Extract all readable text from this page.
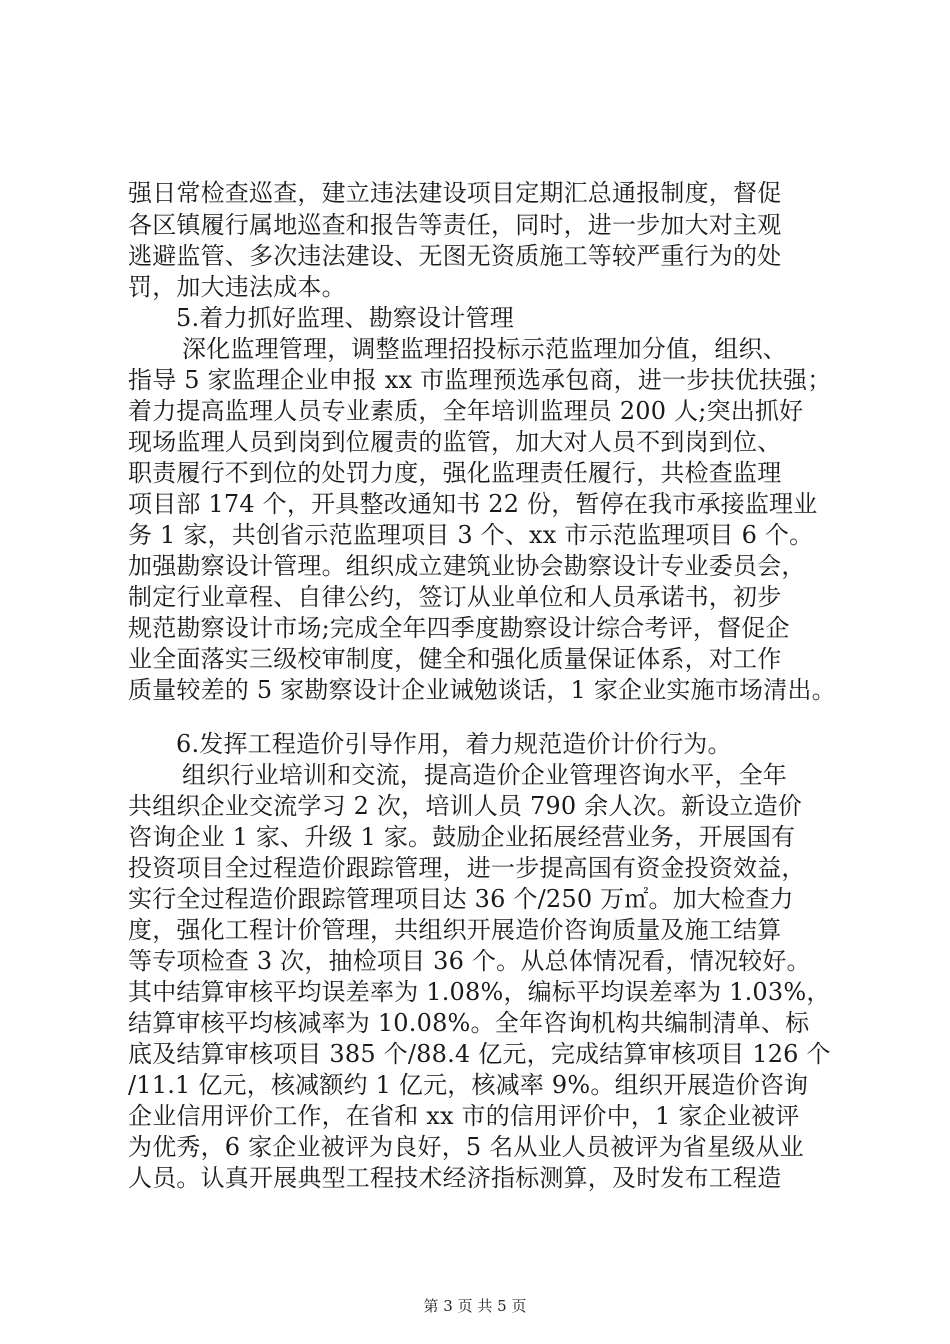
强日常检查巡查，建立违法建设项目定期汇总通报制度，督促
各区镇履行属地巡查和报告等责任，同时，进一步加大对主观
逃避监管、多次违法建设、无图无资质施工等较严重行为的处
罚，加大违法成本。
5.着力抓好监理、勘察设计管理
深化监理管理，调整监理招投标示范监理加分值，组织、
指导 5 家监理企业申报 xx 市监理预选承包商，进一步扶优扶强；
着力提高监理人员专业素质，全年培训监理员 200 人;突出抓好
现场监理人员到岗到位履责的监管，加大对人员不到岗到位、
职责履行不到位的处罚力度，强化监理责任履行，共检查监理
项目部 174 个，开具整改通知书 22 份，暂停在我市承接监理业
务 1 家，共创省示范监理项目 3 个、xx 市示范监理项目 6 个。
加强勘察设计管理。组织成立建筑业协会勘察设计专业委员会，
制定行业章程、自律公约，签订从业单位和人员承诺书，初步
规范勘察设计市场;完成全年四季度勘察设计综合考评，督促企
业全面落实三级校审制度，健全和强化质量保证体系，对工作
质量较差的 5 家勘察设计企业诫勉谈话，1 家企业实施市场清出。
6.发挥工程造价引导作用，着力规范造价计价行为。
组织行业培训和交流，提高造价企业管理咨询水平，全年
共组织企业交流学习 2 次，培训人员 790 余人次。新设立造价
咨询企业 1 家、升级 1 家。鼓励企业拓展经营业务，开展国有
投资项目全过程造价跟踪管理，进一步提高国有资金投资效益，
实行全过程造价跟踪管理项目达 36 个/250 万㎡。加大检查力
度，强化工程计价管理，共组织开展造价咨询质量及施工结算
等专项检查 3 次，抽检项目 36 个。从总体情况看，情况较好。
其中结算审核平均误差率为 1.08%，编标平均误差率为 1.03%，
结算审核平均核减率为 10.08%。全年咨询机构共编制清单、标
底及结算审核项目 385 个/88.4 亿元，完成结算审核项目 126 个
/11.1 亿元，核减额约 1 亿元，核减率 9%。组织开展造价咨询
企业信用评价工作，在省和 xx 市的信用评价中，1 家企业被评
为优秀，6 家企业被评为良好，5 名从业人员被评为省星级从业
人员。认真开展典型工程技术经济指标测算，及时发布工程造
第 3 页 共 5 页
